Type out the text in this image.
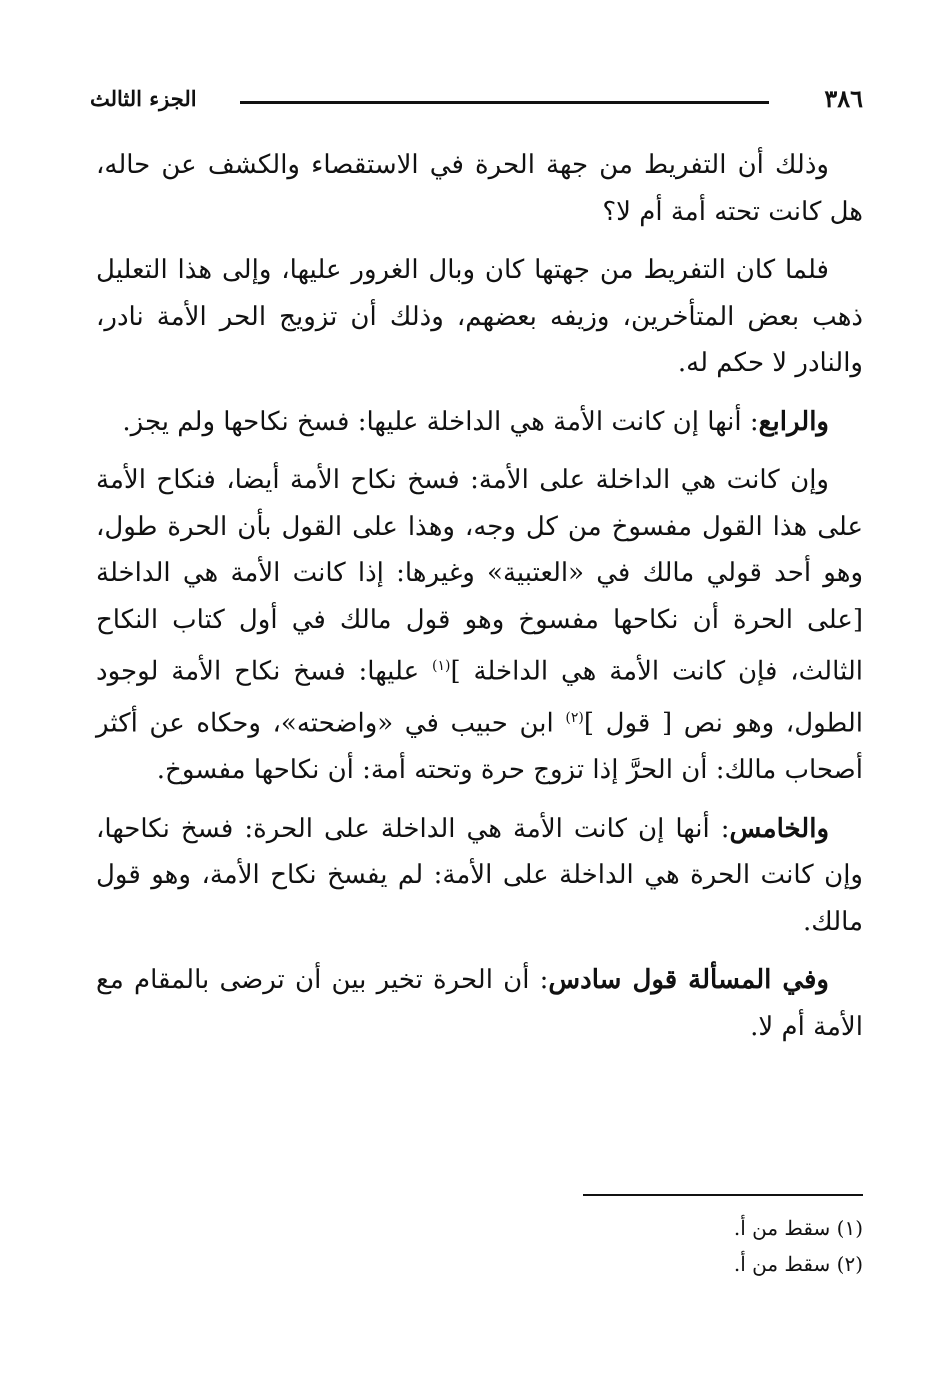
٣٨٦
الجزء الثالث

وذلك أن التفريط من جهة الحرة في الاستقصاء والكشف عن حاله، هل كانت تحته أمة أم لا؟

فلما كان التفريط من جهتها كان وبال الغرور عليها، وإلى هذا التعليل ذهب بعض المتأخرين، وزيفه بعضهم، وذلك أن تزويج الحر الأمة نادر، والنادر لا حكم له.

والرابع: أنها إن كانت الأمة هي الداخلة عليها: فسخ نكاحها ولم يجز.

وإن كانت هي الداخلة على الأمة: فسخ نكاح الأمة أيضا، فنكاح الأمة على هذا القول مفسوخ من كل وجه، وهذا على القول بأن الحرة طول، وهو أحد قولي مالك في «العتبية» وغيرها: إذا كانت الأمة هي الداخلة [على الحرة أن نكاحها مفسوخ وهو قول مالك في أول كتاب النكاح الثالث، فإن كانت الأمة هي الداخلة ]$^{(١)}$ عليها: فسخ نكاح الأمة لوجود الطول، وهو نص [ قول ]$^{(٢)}$ ابن حبيب في «واضحته»، وحكاه عن أكثر أصحاب مالك: أن الحرَّ إذا تزوج حرة وتحته أمة: أن نكاحها مفسوخ.

والخامس: أنها إن كانت الأمة هي الداخلة على الحرة: فسخ نكاحها، وإن كانت الحرة هي الداخلة على الأمة: لم يفسخ نكاح الأمة، وهو قول مالك.

وفي المسألة قول سادس: أن الحرة تخير بين أن ترضى بالمقام مع الأمة أم لا.

(١) سقط من أ.
(٢) سقط من أ.
